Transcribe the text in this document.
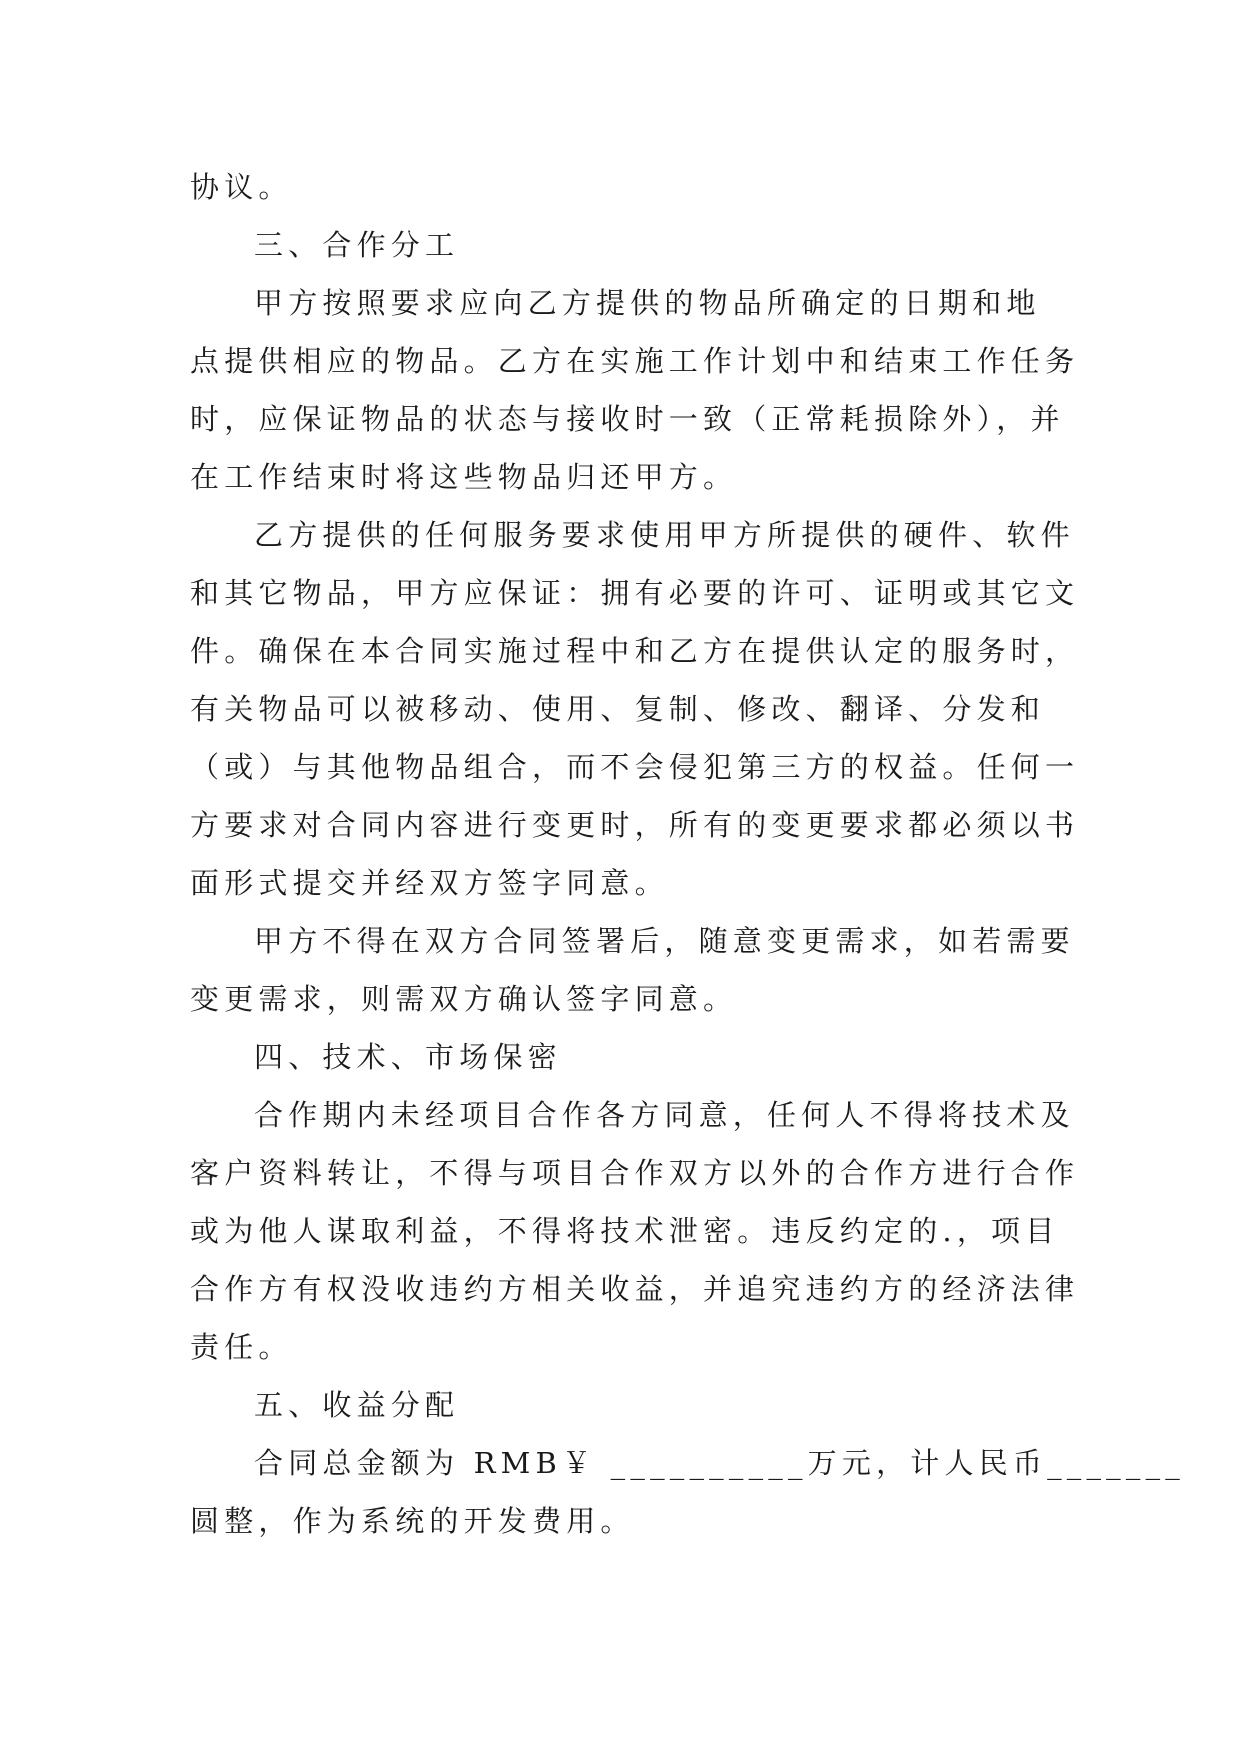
协议。
三、合作分工
甲方按照要求应向乙方提供的物品所确定的日期和地
点提供相应的物品。乙方在实施工作计划中和结束工作任务
时，应保证物品的状态与接收时一致（正常耗损除外），并
在工作结束时将这些物品归还甲方。
乙方提供的任何服务要求使用甲方所提供的硬件、软件
和其它物品，甲方应保证：拥有必要的许可、证明或其它文
件。确保在本合同实施过程中和乙方在提供认定的服务时，
有关物品可以被移动、使用、复制、修改、翻译、分发和
（或）与其他物品组合，而不会侵犯第三方的权益。任何一
方要求对合同内容进行变更时，所有的变更要求都必须以书
面形式提交并经双方签字同意。
甲方不得在双方合同签署后，随意变更需求，如若需要
变更需求，则需双方确认签字同意。
四、技术、市场保密
合作期内未经项目合作各方同意，任何人不得将技术及
客户资料转让，不得与项目合作双方以外的合作方进行合作
或为他人谋取利益，不得将技术泄密。违反约定的.，项目
合作方有权没收违约方相关收益，并追究违约方的经济法律
责任。
五、收益分配
合同总金额为 RMB￥ __________万元，计人民币_______
圆整，作为系统的开发费用。
